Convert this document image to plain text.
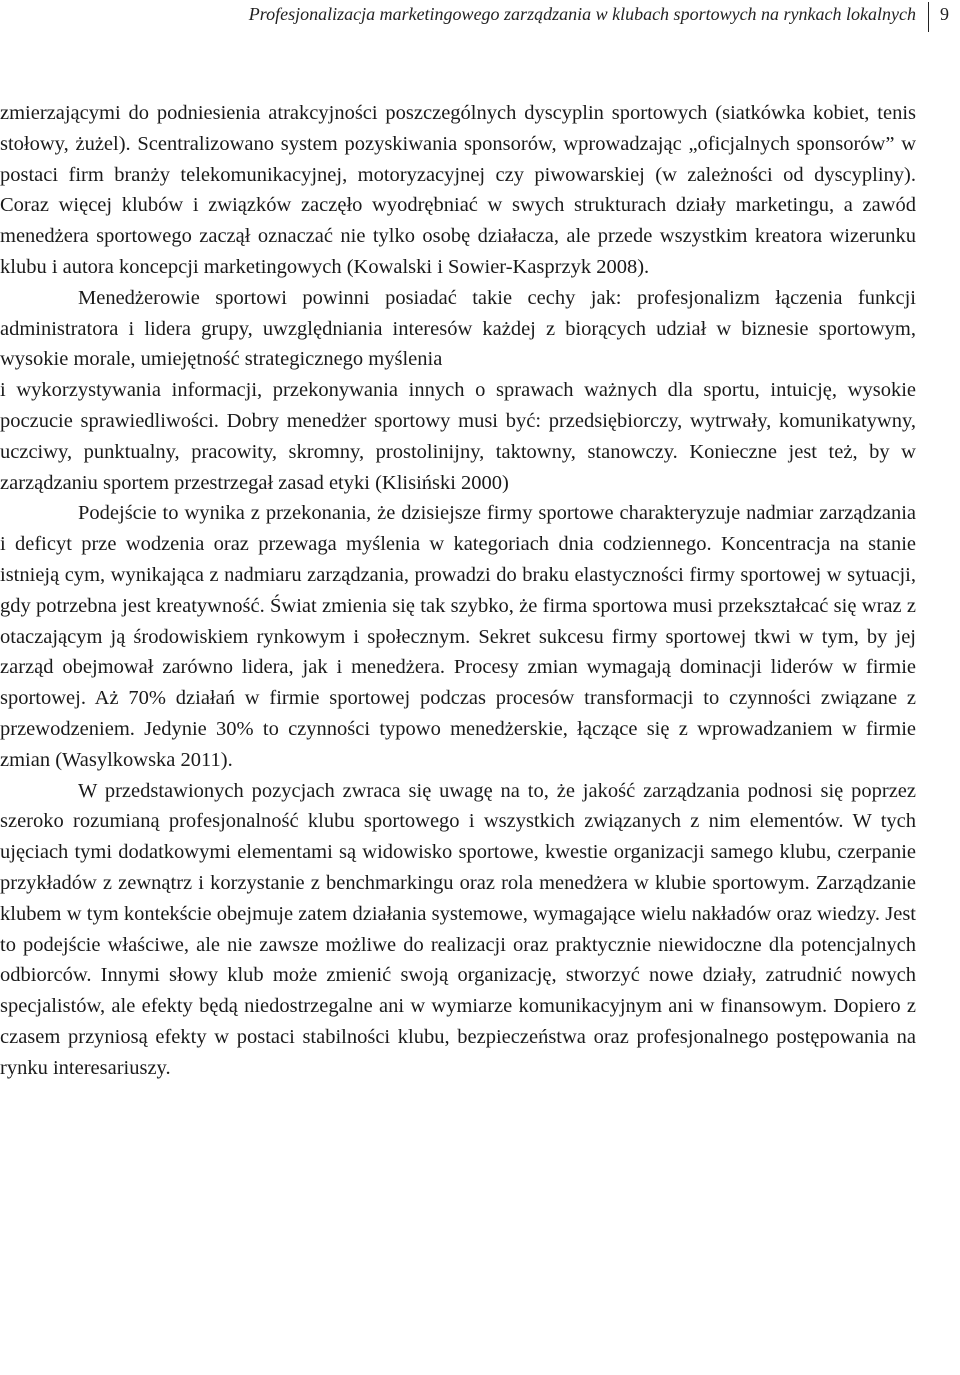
Profesjonalizacja marketingowego zarządzania w klubach sportowych na rynkach lokalnych 9

zmierzającymi do podniesienia atrakcyjności poszczególnych dyscyplin sportowych (siatkówka kobiet, tenis stołowy, żużel). Scentralizowano system pozyskiwania sponsorów, wprowadzając „oficjalnych sponsorów” w postaci firm branży telekomunikacyjnej, motoryzacyjnej czy piwowarskiej (w zależności od dyscypliny). Coraz więcej klubów i związków zaczęło wyodrębniać w swych strukturach działy marketingu, a zawód menedżera sportowego zaczął oznaczać nie tylko osobę działacza, ale przede wszystkim kreatora wizerunku klubu i autora koncepcji marketingowych (Kowalski i Sowier-Kasprzyk 2008).

Menedżerowie sportowi powinni posiadać takie cechy jak: profesjonalizm łączenia funkcji administratora i lidera grupy, uwzględniania interesów każdej z biorących udział w biznesie sportowym, wysokie morale, umiejętność strategicznego myślenia

i wykorzystywania informacji, przekonywania innych o sprawach ważnych dla sportu, intuicję, wysokie poczucie sprawiedliwości. Dobry menedżer sportowy musi być: przedsiębiorczy, wytrwały, komunikatywny, uczciwy, punktualny, pracowity, skromny, prostolinijny, taktowny, stanowczy. Konieczne jest też, by w zarządzaniu sportem przestrzegał zasad etyki (Klisiński 2000)

Podejście to wynika z przekonania, że dzisiejsze firmy sportowe charakteryzuje nadmiar zarządzania i deficyt prze wodzenia oraz przewaga myślenia w kategoriach dnia codziennego. Koncentracja na stanie istnieją cym, wynikająca z nadmiaru zarządzania, prowadzi do braku elastyczności firmy sportowej w sytuacji, gdy potrzebna jest kreatywność. Świat zmienia się tak szybko, że firma sportowa musi przekształcać się wraz z otaczającym ją środowiskiem rynkowym i społecznym. Sekret sukcesu firmy sportowej tkwi w tym, by jej zarząd obejmował zarówno lidera, jak i menedżera. Procesy zmian wymagają dominacji liderów w firmie sportowej. Aż 70% działań w firmie sportowej podczas procesów transformacji to czynności związane z przewodzeniem. Jedynie 30% to czynności typowo menedżerskie, łączące się z wprowadzaniem w firmie zmian (Wasylkowska 2011).

W przedstawionych pozycjach zwraca się uwagę na to, że jakość zarządzania podnosi się poprzez szeroko rozumianą profesjonalność klubu sportowego i wszystkich związanych z nim elementów. W tych ujęciach tymi dodatkowymi elementami są widowisko sportowe, kwestie organizacji samego klubu, czerpanie przykładów z zewnątrz i korzystanie z benchmarkingu oraz rola menedżera w klubie sportowym. Zarządzanie klubem w tym kontekście obejmuje zatem działania systemowe, wymagające wielu nakładów oraz wiedzy. Jest to podejście właściwe, ale nie zawsze możliwe do realizacji oraz praktycznie niewidoczne dla potencjalnych odbiorców. Innymi słowy klub może zmienić swoją organizację, stworzyć nowe działy, zatrudnić nowych specjalistów, ale efekty będą niedostrzegalne ani w wymiarze komunikacyjnym ani w finansowym. Dopiero z czasem przyniosą efekty w postaci stabilności klubu, bezpieczeństwa oraz profesjonalnego postępowania na rynku interesariuszy.
